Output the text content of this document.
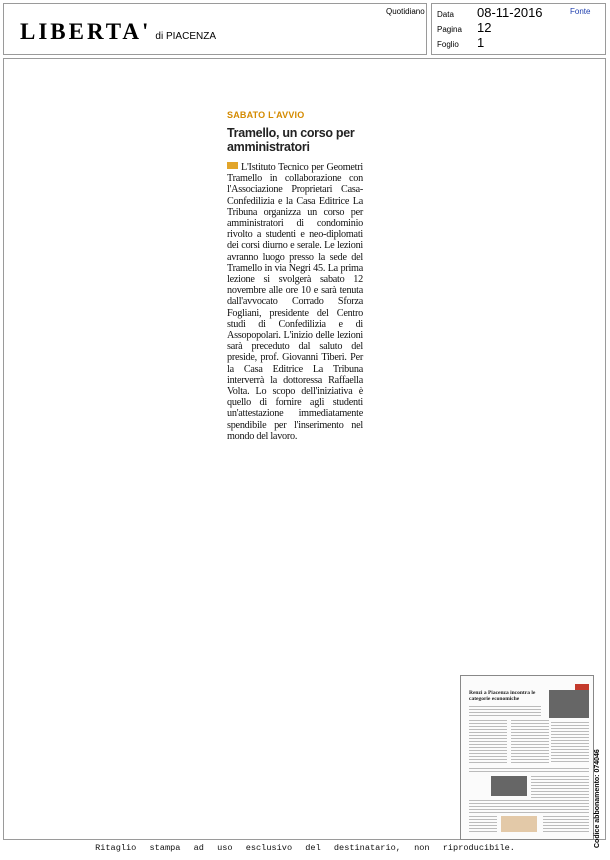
LIBERTA' di PIACENZA
Quotidiano Data	08-11-2016
Pagina	12
Foglio	1
Fonte
SABATO L'AVVIO
Tramello, un corso per amministratori
L'Istituto Tecnico per Geometri Tramello in collaborazione con l'Associazione Proprietari Casa-Confedilizia e la Casa Editrice La Tribuna organizza un corso per amministratori di condominio rivolto a studenti e neo-diplomati dei corsi diurno e serale. Le lezioni avranno luogo presso la sede del Tramello in via Negri 45. La prima lezione si svolgerà sabato 12 novembre alle ore 10 e sarà tenuta dall'avvocato Corrado Sforza Fogliani, presidente del Centro studi di Confedilizia e di Assopopolari. L'inizio delle lezioni sarà preceduto dal saluto del preside, prof. Giovanni Tiberi. Per la Casa Editrice La Tribuna interverrà la dottoressa Raffaella Volta. Lo scopo dell'iniziativa è quello di fornire agli studenti un'attestazione immediatamente spendibile per l'inserimento nel mondo del lavoro.
Renzi a Piacenza incontra le categorie economiche
Codice abbonamento: 074046
Ritaglio stampa ad uso esclusivo del destinatario, non riproducibile.
